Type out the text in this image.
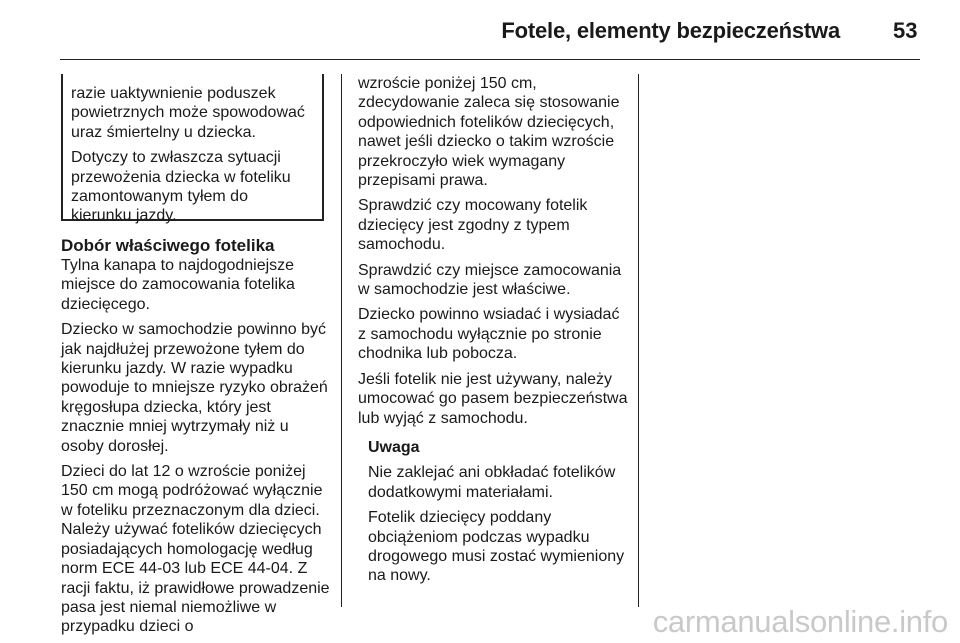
Fotele, elementy bezpieczeństwa 53

razie uaktywnienie poduszek powietrznych może spowodować uraz śmiertelny u dziecka.

Dotyczy to zwłaszcza sytuacji przewożenia dziecka w foteliku zamontowanym tyłem do kierunku jazdy.

Dobór właściwego fotelika

Tylna kanapa to najdogodniejsze miejsce do zamocowania fotelika dziecięcego.

Dziecko w samochodzie powinno być jak najdłużej przewożone tyłem do kierunku jazdy. W razie wypadku powoduje to mniejsze ryzyko obrażeń kręgosłupa dziecka, który jest znacznie mniej wytrzymały niż u osoby dorosłej.

Dzieci do lat 12 o wzroście poniżej 150 cm mogą podróżować wyłącznie w foteliku przeznaczonym dla dzieci. Należy używać fotelików dziecięcych posiadających homologację według norm ECE 44-03 lub ECE 44-04. Z racji faktu, iż prawidłowe prowadzenie pasa jest niemal niemożliwe w przypadku dzieci o

wzroście poniżej 150 cm, zdecydowanie zaleca się stosowanie odpowiednich fotelików dziecięcych, nawet jeśli dziecko o takim wzroście przekroczyło wiek wymagany przepisami prawa.

Sprawdzić czy mocowany fotelik dziecięcy jest zgodny z typem samochodu.

Sprawdzić czy miejsce zamocowania w samochodzie jest właściwe.

Dziecko powinno wsiadać i wysiadać z samochodu wyłącznie po stronie chodnika lub pobocza.

Jeśli fotelik nie jest używany, należy umocować go pasem bezpieczeństwa lub wyjąć z samochodu.

Uwaga

Nie zaklejać ani obkładać fotelików dodatkowymi materiałami.

Fotelik dziecięcy poddany obciążeniom podczas wypadku drogowego musi zostać wymieniony na nowy.

carmanualsonline.info
